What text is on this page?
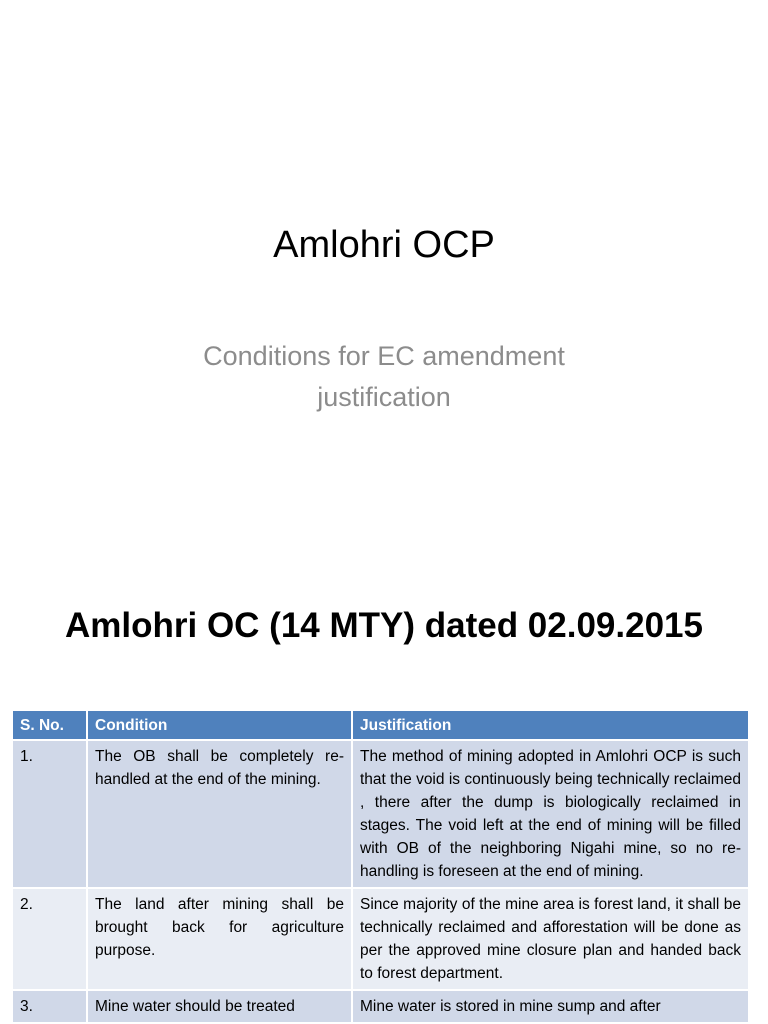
Amlohri OCP
Conditions for EC amendment justification
Amlohri OC (14 MTY) dated 02.09.2015
S. No.	Condition	Justification
1.	The OB shall be completely re-handled at the end of the mining.	The method of mining adopted in Amlohri OCP is such that the void is continuously being technically reclaimed , there after the dump is biologically reclaimed in stages. The void left at the end of mining will be filled with OB of the neighboring Nigahi mine, so no re-handling is foreseen at the end of mining.
2.	The land after mining shall be brought back for agriculture purpose.	Since majority of the mine area is forest land, it shall be technically reclaimed and afforestation will be done as per the approved mine closure plan and handed back to forest department.
3.	Mine water should be treated	Mine water is stored in mine sump and after
